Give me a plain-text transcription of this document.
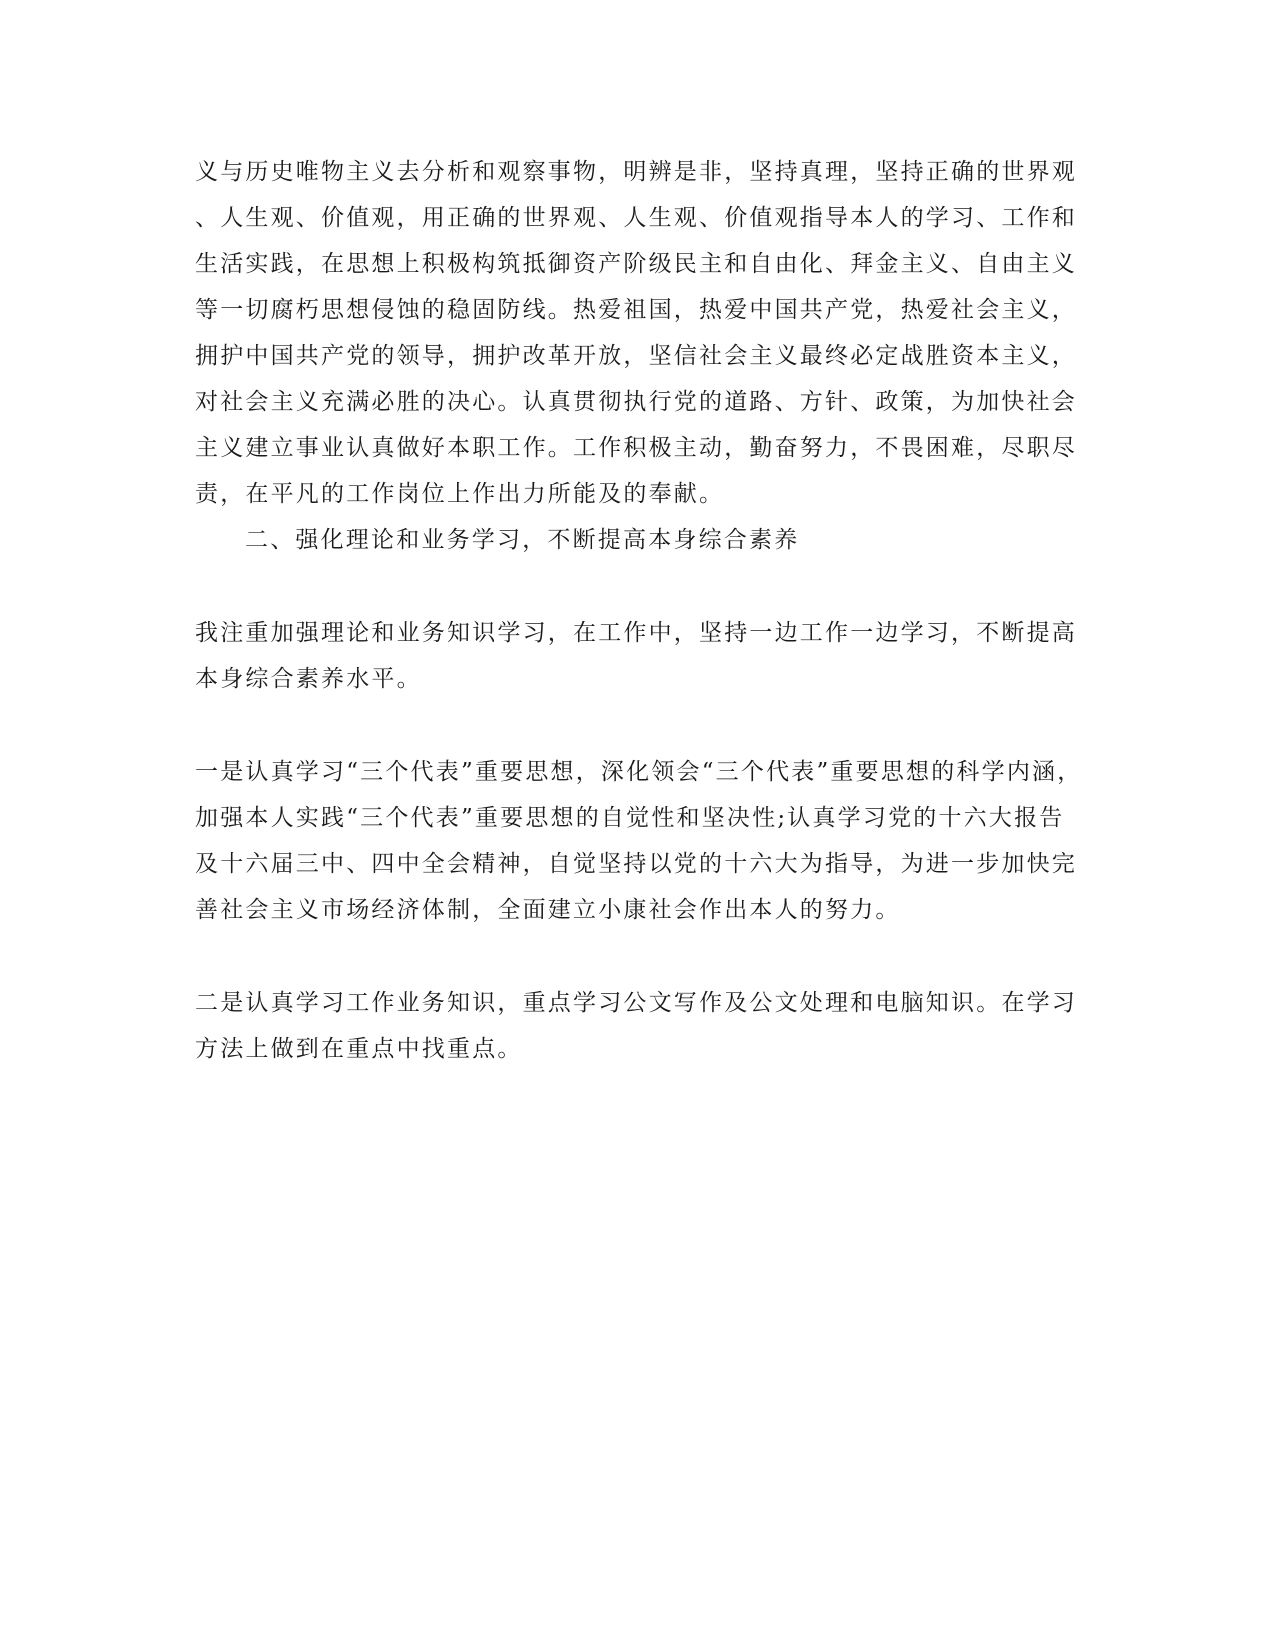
义与历史唯物主义去分析和观察事物，明辨是非，坚持真理，坚持正确的世界观
、人生观、价值观，用正确的世界观、人生观、价值观指导本人的学习、工作和
生活实践，在思想上积极构筑抵御资产阶级民主和自由化、拜金主义、自由主义
等一切腐朽思想侵蚀的稳固防线。热爱祖国，热爱中国共产党，热爱社会主义，
拥护中国共产党的领导，拥护改革开放，坚信社会主义最终必定战胜资本主义，
对社会主义充满必胜的决心。认真贯彻执行党的道路、方针、政策，为加快社会
主义建立事业认真做好本职工作。工作积极主动，勤奋努力，不畏困难，尽职尽
责，在平凡的工作岗位上作出力所能及的奉献。
二、强化理论和业务学习，不断提高本身综合素养
我注重加强理论和业务知识学习，在工作中，坚持一边工作一边学习，不断提高
本身综合素养水平。
一是认真学习“三个代表”重要思想，深化领会“三个代表”重要思想的科学内涵，
加强本人实践“三个代表”重要思想的自觉性和坚决性;认真学习党的十六大报告
及十六届三中、四中全会精神，自觉坚持以党的十六大为指导，为进一步加快完
善社会主义市场经济体制，全面建立小康社会作出本人的努力。
二是认真学习工作业务知识，重点学习公文写作及公文处理和电脑知识。在学习
方法上做到在重点中找重点。
